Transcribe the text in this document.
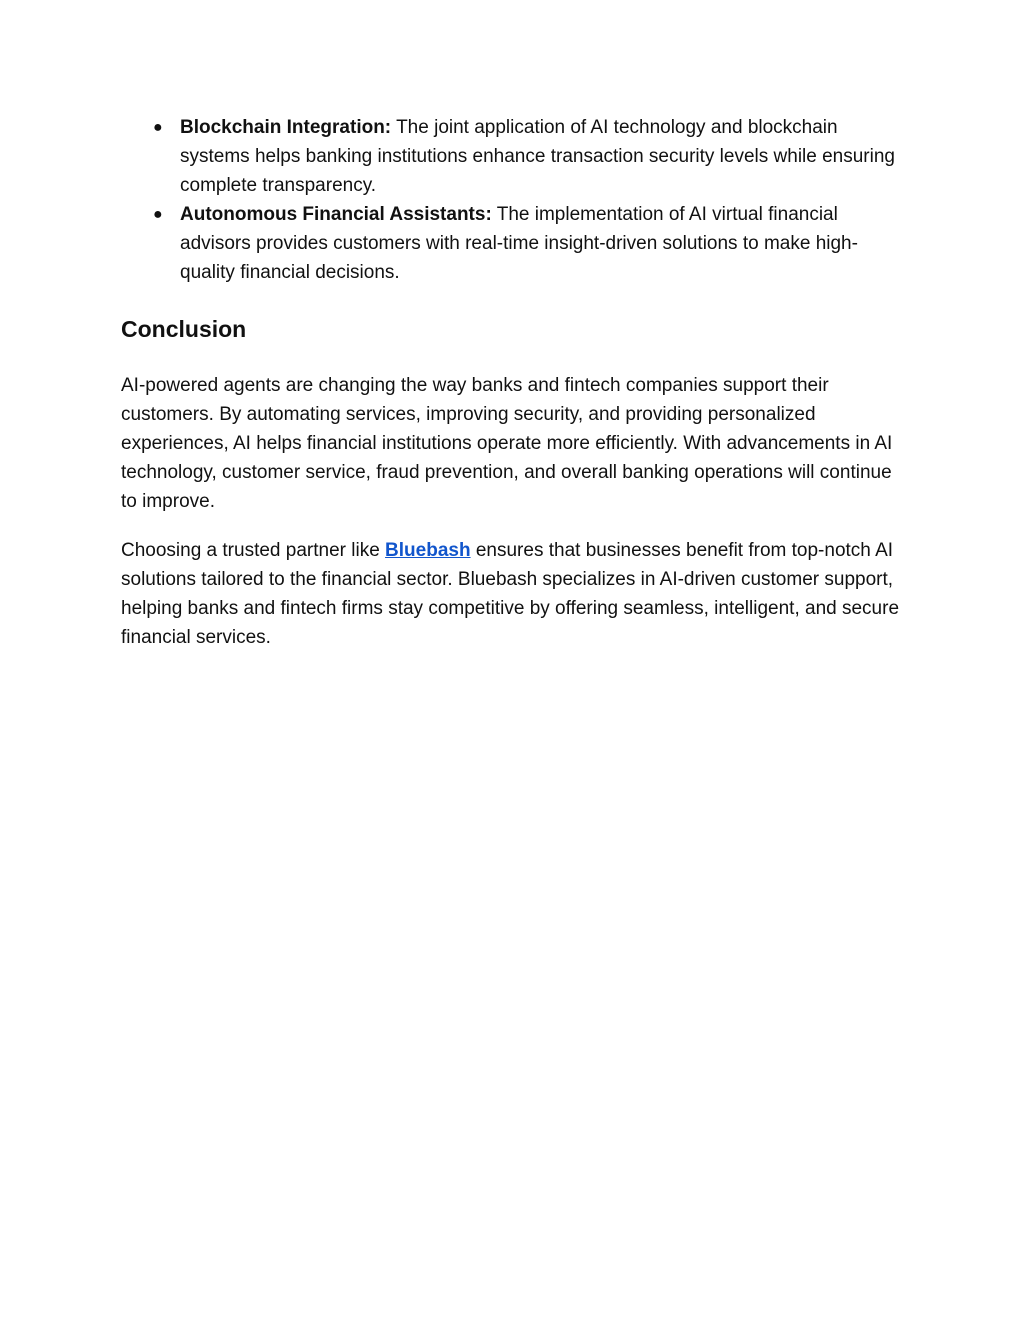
● Blockchain Integration: The joint application of AI technology and blockchain systems helps banking institutions enhance transaction security levels while ensuring complete transparency.
● Autonomous Financial Assistants: The implementation of AI virtual financial advisors provides customers with real-time insight-driven solutions to make high-quality financial decisions.
Conclusion

AI-powered agents are changing the way banks and fintech companies support their customers. By automating services, improving security, and providing personalized experiences, AI helps financial institutions operate more efficiently. With advancements in AI technology, customer service, fraud prevention, and overall banking operations will continue to improve.

Choosing a trusted partner like Bluebash ensures that businesses benefit from top-notch AI solutions tailored to the financial sector. Bluebash specializes in AI-driven customer support, helping banks and fintech firms stay competitive by offering seamless, intelligent, and secure financial services.
